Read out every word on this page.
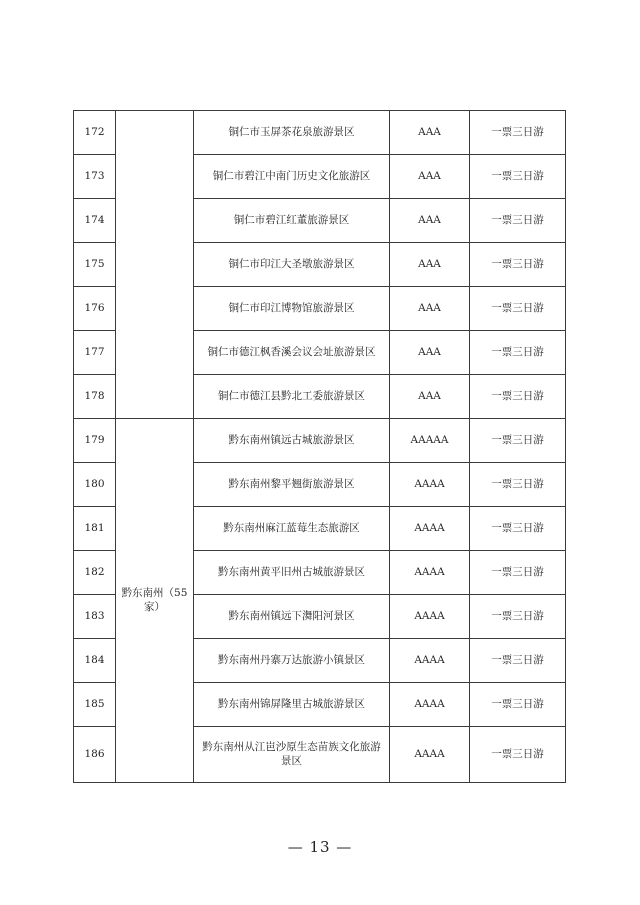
172		铜仁市玉屏茶花泉旅游景区	AAA	一票三日游
173		铜仁市碧江中南门历史文化旅游区	AAA	一票三日游
174		铜仁市碧江红董旅游景区	AAA	一票三日游
175		铜仁市印江大圣墩旅游景区	AAA	一票三日游
176		铜仁市印江博物馆旅游景区	AAA	一票三日游
177		铜仁市德江枫香溪会议会址旅游景区	AAA	一票三日游
178		铜仁市德江县黔北工委旅游景区	AAA	一票三日游
179	黔东南州（55家）	黔东南州镇远古城旅游景区	AAAAA	一票三日游
180		黔东南州黎平翘街旅游景区	AAAA	一票三日游
181		黔东南州麻江蓝莓生态旅游区	AAAA	一票三日游
182		黔东南州黄平旧州古城旅游景区	AAAA	一票三日游
183		黔东南州镇远下㵲阳河景区	AAAA	一票三日游
184		黔东南州丹寨万达旅游小镇景区	AAAA	一票三日游
185		黔东南州锦屏隆里古城旅游景区	AAAA	一票三日游
186		黔东南州从江岜沙原生态苗族文化旅游景区	AAAA	一票三日游
— 13 —
